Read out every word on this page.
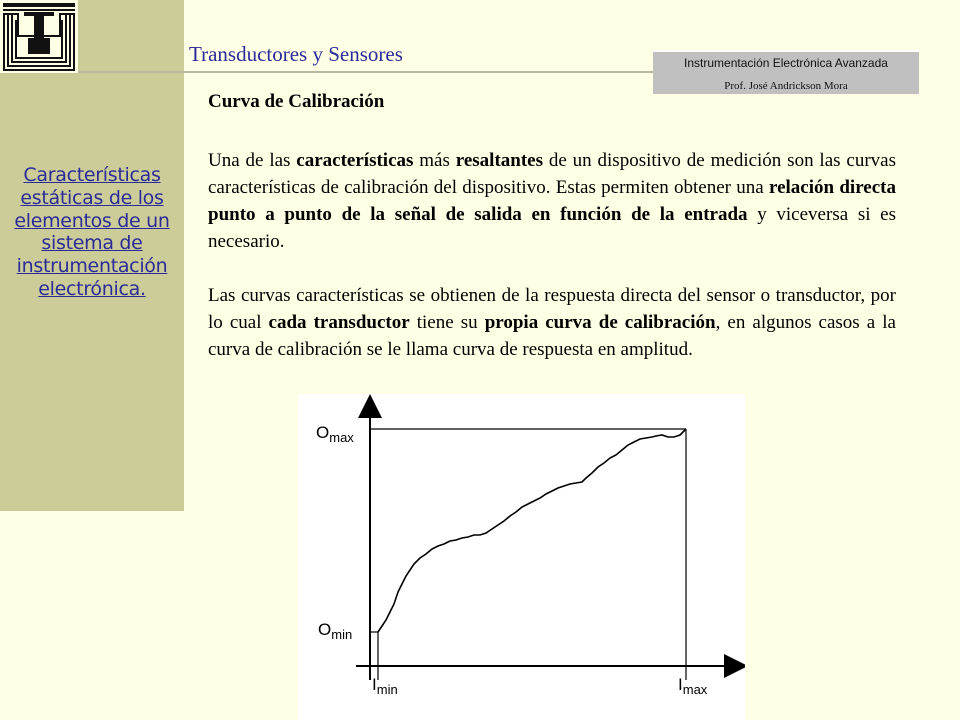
Transductores y Sensores	Instrumentación Electrónica Avanzada
Prof. José Andrickson Mora
Características estáticas de los elementos de un sistema de instrumentación electrónica.
Curva de Calibración
Una de las características más resaltantes de un dispositivo de medición son las curvas características de calibración del dispositivo. Estas permiten obtener una relación directa punto a punto de la señal de salida en función de la entrada y viceversa si es necesario.
Las curvas características se obtienen de la respuesta directa del sensor o transductor, por lo cual cada transductor tiene su propia curva de calibración, en algunos casos a la curva de calibración se le llama curva de respuesta en amplitud.
$O_{max}$
$O_{min}$
$I_{min}$	$I_{max}$
